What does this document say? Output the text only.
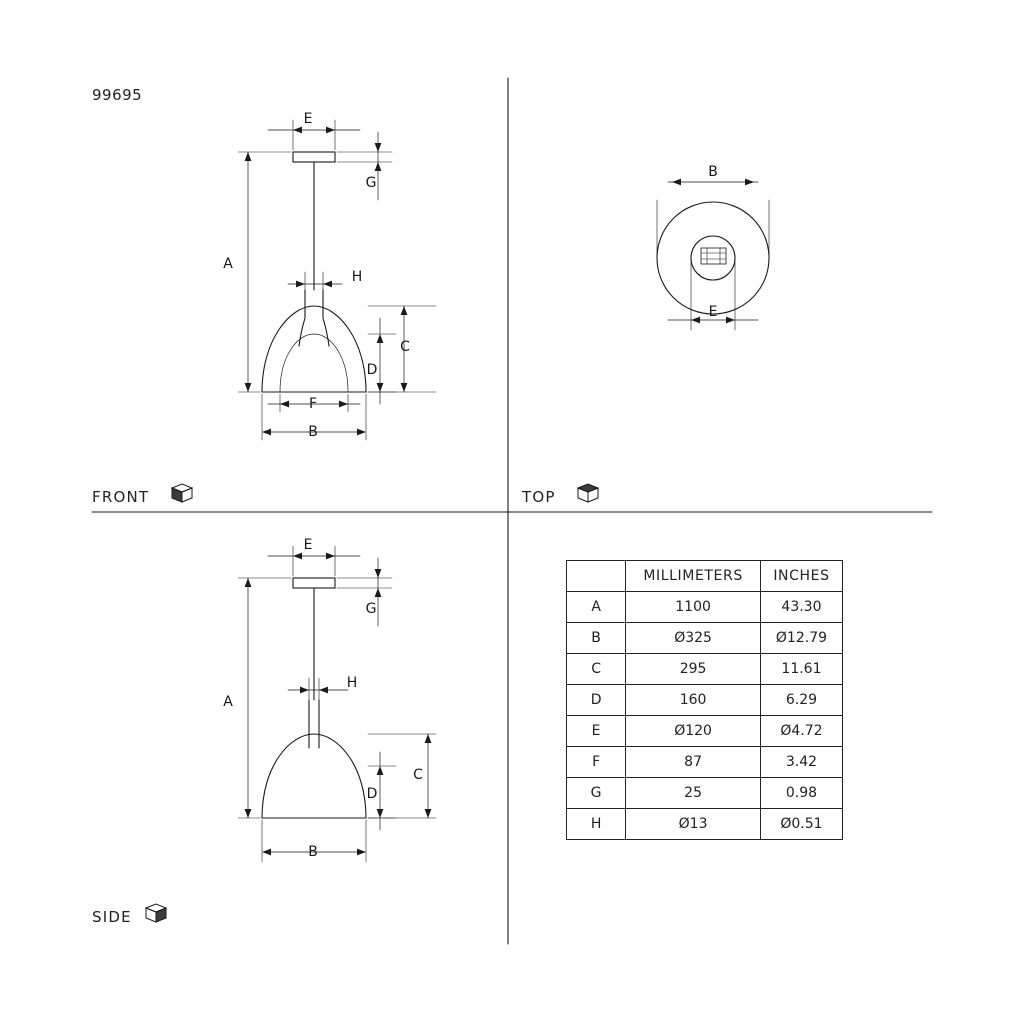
99695
E
G
A
H
C
D
F
B
B
E
E
G
A
H
C
D
B
FRONT	TOP
SIDE
	MILLIMETERS	INCHES
A	1100	43.30
B	Ø325	Ø12.79
C	295	11.61
D	160	6.29
E	Ø120	Ø4.72
F	87	3.42
G	25	0.98
H	Ø13	Ø0.51
